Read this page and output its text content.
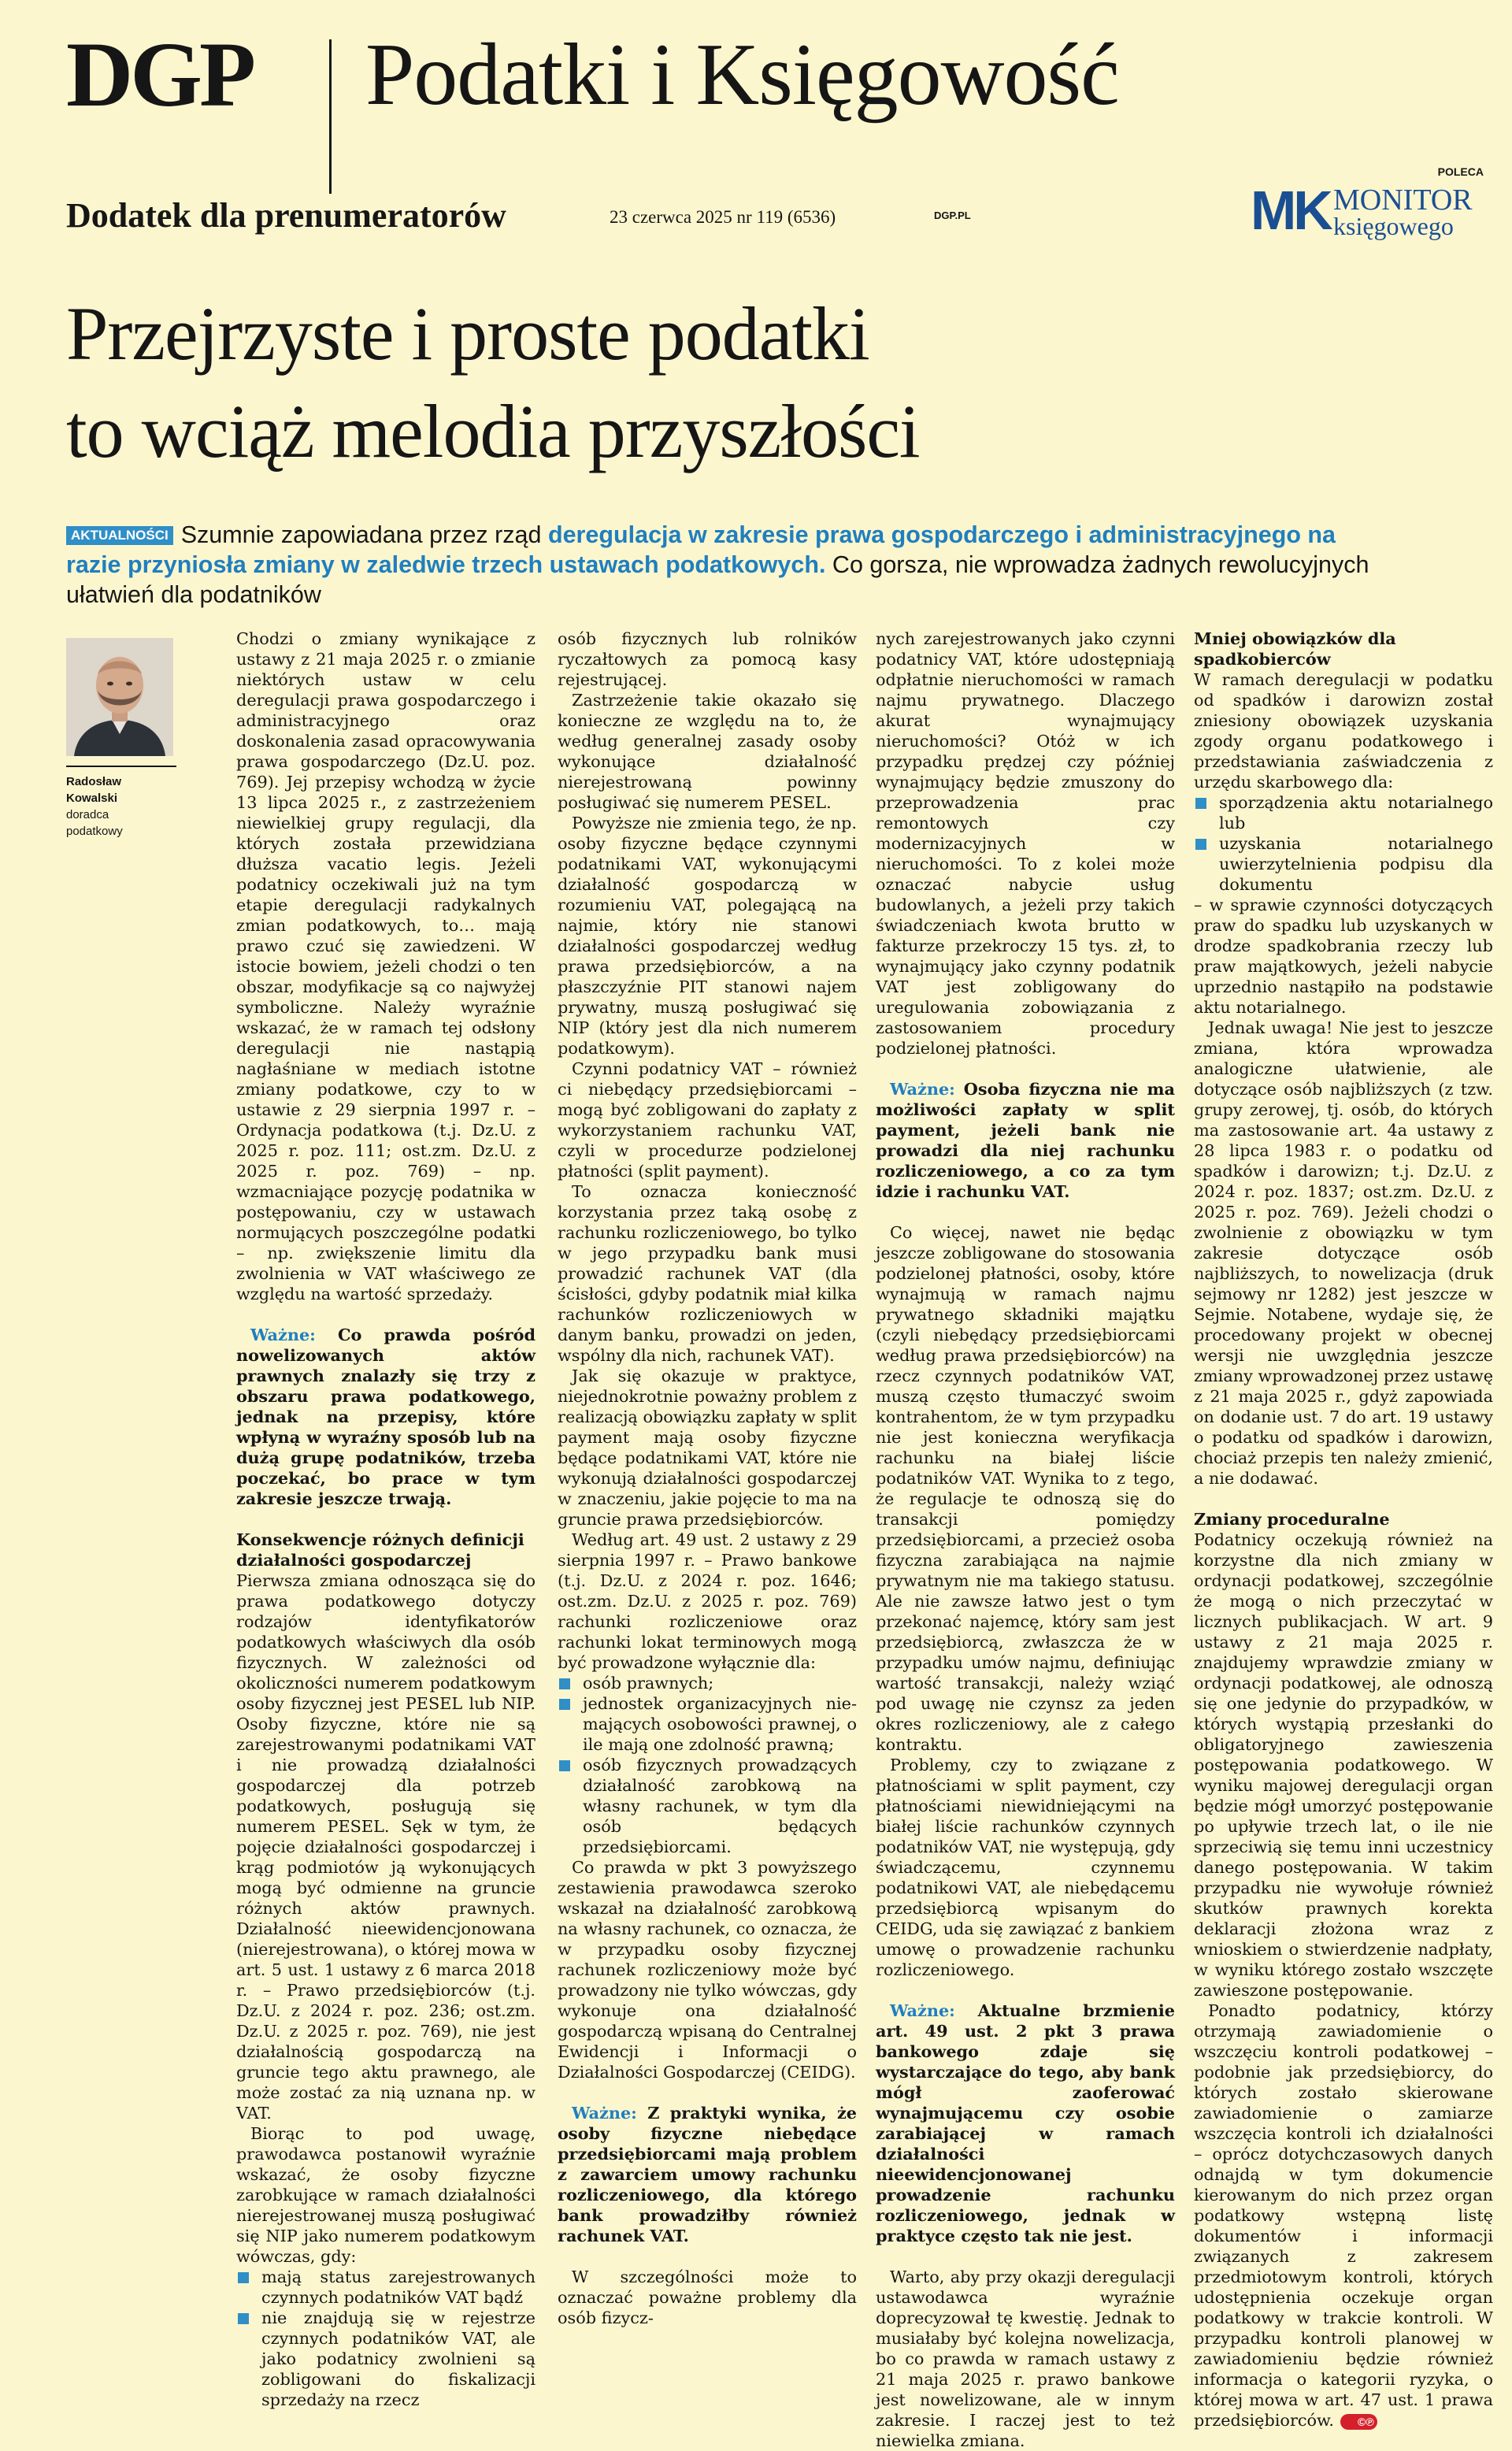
DGP Podatki i Księgowość
Dodatek dla prenumeratorów	23 czerwca 2025 nr 119 (6536)	DGP.PL
POLECA
MK MONITOR
księgowego
Przejrzyste i proste podatki
to wciąż melodia przyszłości
AKTUALNOŚCI Szumnie zapowiadana przez rząd deregulacja w zakresie prawa gospodarczego i administracyjnego na razie przyniosła zmiany w zaledwie trzech ustawach podatkowych. Co gorsza, nie wprowadza żadnych rewolucyjnych ułatwień dla podatników
Radosław
Kowalski
doradca
podatkowy

Chodzi o zmiany wynikające z ustawy z 21 maja 2025 r. o zmianie niektórych ustaw w celu deregulacji prawa gospodarczego i administracyjnego oraz doskonalenia zasad opracowywania prawa gospodarczego (Dz.U. poz. 769). Jej przepisy wchodzą w życie 13 lipca 2025 r., z zastrzeżeniem niewielkiej grupy regulacji, dla których została przewidziana dłuższa vacatio legis. Jeżeli podatnicy oczekiwali już na tym etapie deregulacji radykalnych zmian podatkowych, to… mają prawo czuć się zawiedzeni. W istocie bowiem, jeżeli chodzi o ten obszar, modyfikacje są co najwyżej symboliczne. Należy wyraźnie wskazać, że w ramach tej odsłony deregulacji nie nastąpią nagłaśniane w mediach istotne zmiany podatkowe, czy to w ustawie z 29 sierpnia 1997 r. – Ordynacja podatkowa (t.j. Dz.U. z 2025 r. poz. 111; ost.zm. Dz.U. z 2025 r. poz. 769) – np. wzmacniające pozycję podatnika w postępowaniu, czy w ustawach normujących poszczególne podatki – np. zwiększenie limitu dla zwolnienia w VAT właściwego ze względu na wartość sprzedaży.

Ważne: Co prawda pośród nowelizowanych aktów prawnych znalazły się trzy z obszaru prawa podatkowego, jednak na przepisy, które wpłyną w wyraźny sposób lub na dużą grupę podatników, trzeba poczekać, bo prace w tym zakresie jeszcze trwają.

Konsekwencje różnych definicji działalności gospodarczej

Pierwsza zmiana odnosząca się do prawa podatkowego dotyczy rodzajów identyfikatorów podatkowych właściwych dla osób fizycznych. W zależności od okoliczności numerem podatkowym osoby fizycznej jest PESEL lub NIP. Osoby fizyczne, które nie są zarejestrowanymi podatnikami VAT i nie prowadzą działalności gospodarczej dla potrzeb podatkowych, posługują się numerem PESEL. Sęk w tym, że pojęcie działalności gospodarczej i krąg podmiotów ją wykonujących mogą być odmienne na gruncie różnych aktów prawnych. Działalność nieewidencjonowana (nierejestrowana), o której mowa w art. 5 ust. 1 ustawy z 6 marca 2018 r. – Prawo przedsiębiorców (t.j. Dz.U. z 2024 r. poz. 236; ost.zm. Dz.U. z 2025 r. poz. 769), nie jest działalnością gospodarczą na gruncie tego aktu prawnego, ale może zostać za nią uznana np. w VAT.

Biorąc to pod uwagę, prawodawca postanowił wyraźnie wskazać, że osoby fizyczne zarobkujące w ramach działalności nierejestrowanej muszą posługiwać się NIP jako numerem podatkowym wówczas, gdy:

mają status zarejestrowanych czynnych podatników VAT bądź
nie znajdują się w rejestrze czynnych podatników VAT, ale jako podatnicy zwolnieni są zobligowani do fiskalizacji sprzedaży na rzecz

osób fizycznych lub rolników ryczałtowych za pomocą kasy rejestrującej.

Zastrzeżenie takie okazało się konieczne ze względu na to, że według generalnej zasady osoby wykonujące działalność nierejestrowaną powinny posługiwać się numerem PESEL.

Powyższe nie zmienia tego, że np. osoby fizyczne będące czynnymi podatnikami VAT, wykonującymi działalność gospodarczą w rozumieniu VAT, polegającą na najmie, który nie stanowi działalności gospodarczej według prawa przedsiębiorców, a na płaszczyźnie PIT stanowi najem prywatny, muszą posługiwać się NIP (który jest dla nich numerem podatkowym).

Czynni podatnicy VAT – również ci niebędący przedsiębiorcami – mogą być zobligowani do zapłaty z wykorzystaniem rachunku VAT, czyli w procedurze podzielonej płatności (split payment).

To oznacza konieczność korzystania przez taką osobę z rachunku rozliczeniowego, bo tylko w jego przypadku bank musi prowadzić rachunek VAT (dla ścisłości, gdyby podatnik miał kilka rachunków rozliczeniowych w danym banku, prowadzi on jeden, wspólny dla nich, rachunek VAT).

Jak się okazuje w praktyce, niejednokrotnie poważny problem z realizacją obowiązku zapłaty w split payment mają osoby fizyczne będące podatnikami VAT, które nie wykonują działalności gospodarczej w znaczeniu, jakie pojęcie to ma na gruncie prawa przedsiębiorców.

Według art. 49 ust. 2 ustawy z 29 sierpnia 1997 r. – Prawo bankowe (t.j. Dz.U. z 2024 r. poz. 1646; ost.zm. Dz.U. z 2025 r. poz. 769) rachunki rozliczeniowe oraz rachunki lokat terminowych mogą być prowadzone wyłącznie dla:

osób prawnych;
jednostek organizacyjnych nie-mających osobowości prawnej, o ile mają one zdolność prawną;
osób fizycznych prowadzących działalność zarobkową na własny rachunek, w tym dla osób będących przedsiębiorcami.

Co prawda w pkt 3 powyższego zestawienia prawodawca szeroko wskazał na działalność zarobkową na własny rachunek, co oznacza, że w przypadku osoby fizycznej rachunek rozliczeniowy może być prowadzony nie tylko wówczas, gdy wykonuje ona działalność gospodarczą wpisaną do Centralnej Ewidencji i Informacji o Działalności Gospodarczej (CEIDG).

Ważne: Z praktyki wynika, że osoby fizyczne niebędące przedsiębiorcami mają problem z zawarciem umowy rachunku rozliczeniowego, dla którego bank prowadziłby również rachunek VAT.

W szczególności może to oznaczać poważne problemy dla osób fizycz-

nych zarejestrowanych jako czynni podatnicy VAT, które udostępniają odpłatnie nieruchomości w ramach najmu prywatnego. Dlaczego akurat wynajmujący nieruchomości? Otóż w ich przypadku prędzej czy później wynajmujący będzie zmuszony do przeprowadzenia prac remontowych czy modernizacyjnych w nieruchomości. To z kolei może oznaczać nabycie usług budowlanych, a jeżeli przy takich świadczeniach kwota brutto w fakturze przekroczy 15 tys. zł, to wynajmujący jako czynny podatnik VAT jest zobligowany do uregulowania zobowiązania z zastosowaniem procedury podzielonej płatności.

Ważne: Osoba fizyczna nie ma możliwości zapłaty w split payment, jeżeli bank nie prowadzi dla niej rachunku rozliczeniowego, a co za tym idzie i rachunku VAT.

Co więcej, nawet nie będąc jeszcze zobligowane do stosowania podzielonej płatności, osoby, które wynajmują w ramach najmu prywatnego składniki majątku (czyli niebędący przedsiębiorcami według prawa przedsiębiorców) na rzecz czynnych podatników VAT, muszą często tłumaczyć swoim kontrahentom, że w tym przypadku nie jest konieczna weryfikacja rachunku na białej liście podatników VAT. Wynika to z tego, że regulacje te odnoszą się do transakcji pomiędzy przedsiębiorcami, a przecież osoba fizyczna zarabiająca na najmie prywatnym nie ma takiego statusu. Ale nie zawsze łatwo jest o tym przekonać najemcę, który sam jest przedsiębiorcą, zwłaszcza że w przypadku umów najmu, definiując wartość transakcji, należy wziąć pod uwagę nie czynsz za jeden okres rozliczeniowy, ale z całego kontraktu.

Problemy, czy to związane z płatnościami w split payment, czy płatnościami niewidniejącymi na białej liście rachunków czynnych podatników VAT, nie występują, gdy świadczącemu, czynnemu podatnikowi VAT, ale niebędącemu przedsiębiorcą wpisanym do CEIDG, uda się zawiązać z bankiem umowę o prowadzenie rachunku rozliczeniowego.

Ważne: Aktualne brzmienie art. 49 ust. 2 pkt 3 prawa bankowego zdaje się wystarczające do tego, aby bank mógł zaoferować wynajmującemu czy osobie zarabiającej w ramach działalności nieewidencjonowanej prowadzenie rachunku rozliczeniowego, jednak w praktyce często tak nie jest.

Warto, aby przy okazji deregulacji ustawodawca wyraźnie doprecyzował tę kwestię. Jednak to musiałaby być kolejna nowelizacja, bo co prawda w ramach ustawy z 21 maja 2025 r. prawo bankowe jest nowelizowane, ale w innym zakresie. I raczej jest to też niewielka zmiana.

Mniej obowiązków dla spadkobierców

W ramach deregulacji w podatku od spadków i darowizn został zniesiony obowiązek uzyskania zgody organu podatkowego i przedstawiania zaświadczenia z urzędu skarbowego dla:

sporządzenia aktu notarialnego lub
uzyskania notarialnego uwierzytelnienia podpisu dla dokumentu

– w sprawie czynności dotyczących praw do spadku lub uzyskanych w drodze spadkobrania rzeczy lub praw majątkowych, jeżeli nabycie uprzednio nastąpiło na podstawie aktu notarialnego.

Jednak uwaga! Nie jest to jeszcze zmiana, która wprowadza analogiczne ułatwienie, ale dotyczące osób najbliższych (z tzw. grupy zerowej, tj. osób, do których ma zastosowanie art. 4a ustawy z 28 lipca 1983 r. o podatku od spadków i darowizn; t.j. Dz.U. z 2024 r. poz. 1837; ost.zm. Dz.U. z 2025 r. poz. 769). Jeżeli chodzi o zwolnienie z obowiązku w tym zakresie dotyczące osób najbliższych, to nowelizacja (druk sejmowy nr 1282) jest jeszcze w Sejmie. Notabene, wydaje się, że procedowany projekt w obecnej wersji nie uwzględnia jeszcze zmiany wprowadzonej przez ustawę z 21 maja 2025 r., gdyż zapowiada on dodanie ust. 7 do art. 19 ustawy o podatku od spadków i darowizn, chociaż przepis ten należy zmienić, a nie dodawać.

Zmiany proceduralne

Podatnicy oczekują również na korzystne dla nich zmiany w ordynacji podatkowej, szczególnie że mogą o nich przeczytać w licznych publikacjach. W art. 9 ustawy z 21 maja 2025 r. znajdujemy wprawdzie zmiany w ordynacji podatkowej, ale odnoszą się one jedynie do przypadków, w których wystąpią przesłanki do obligatoryjnego zawieszenia postępowania podatkowego. W wyniku majowej deregulacji organ będzie mógł umorzyć postępowanie po upływie trzech lat, o ile nie sprzeciwią się temu inni uczestnicy danego postępowania. W takim przypadku nie wywołuje również skutków prawnych korekta deklaracji złożona wraz z wnioskiem o stwierdzenie nadpłaty, w wyniku którego zostało wszczęte zawieszone postępowanie.

Ponadto podatnicy, którzy otrzymają zawiadomienie o wszczęciu kontroli podatkowej – podobnie jak przedsiębiorcy, do których zostało skierowane zawiadomienie o zamiarze wszczęcia kontroli ich działalności – oprócz dotychczasowych danych odnajdą w tym dokumencie kierowanym do nich przez organ podatkowy wstępną listę dokumentów i informacji związanych z zakresem przedmiotowym kontroli, których udostępnienia oczekuje organ podatkowy w trakcie kontroli. W przypadku kontroli planowej w zawiadomieniu będzie również informacja o kategorii ryzyka, o której mowa w art. 47 ust. 1 prawa przedsiębiorców. ©℗
